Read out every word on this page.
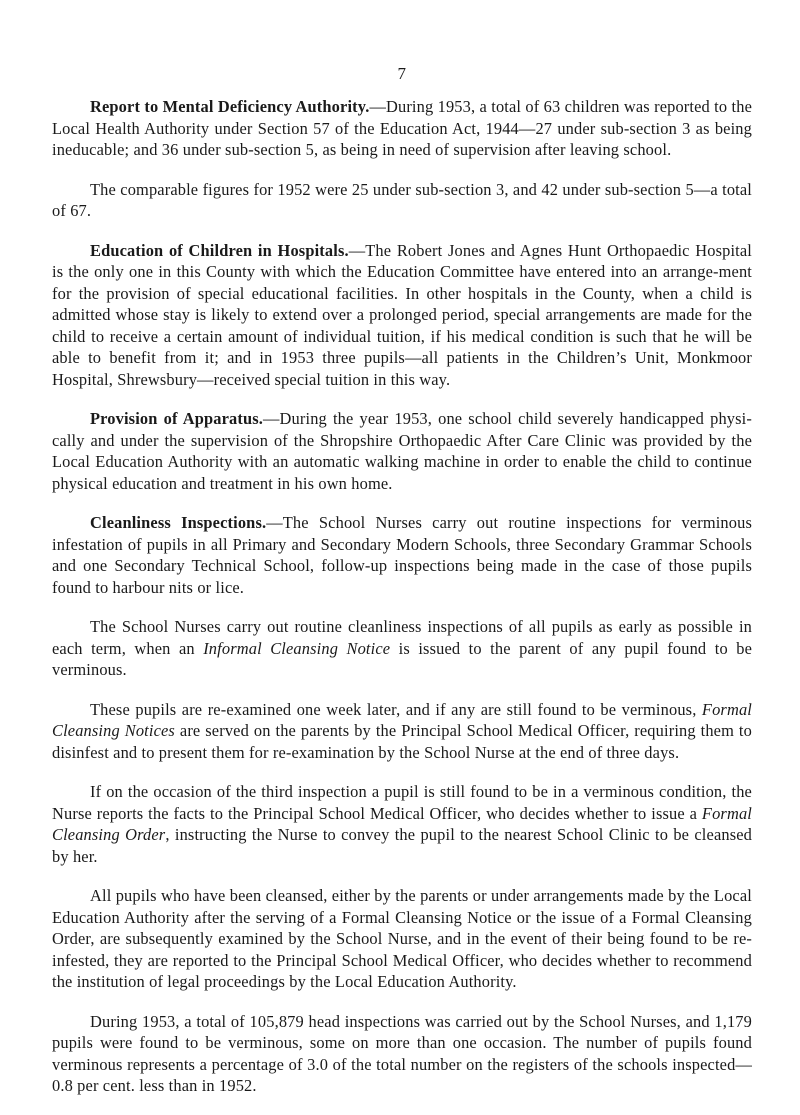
7

Report to Mental Deficiency Authority.—During 1953, a total of 63 children was reported to the Local Health Authority under Section 57 of the Education Act, 1944—27 under sub-section 3 as being ineducable; and 36 under sub-section 5, as being in need of supervision after leaving school.

The comparable figures for 1952 were 25 under sub-section 3, and 42 under sub-section 5—a total of 67.

Education of Children in Hospitals.—The Robert Jones and Agnes Hunt Orthopaedic Hospital is the only one in this County with which the Education Committee have entered into an arrange-ment for the provision of special educational facilities. In other hospitals in the County, when a child is admitted whose stay is likely to extend over a prolonged period, special arrangements are made for the child to receive a certain amount of individual tuition, if his medical condition is such that he will be able to benefit from it; and in 1953 three pupils—all patients in the Children’s Unit, Monkmoor Hospital, Shrewsbury—received special tuition in this way.

Provision of Apparatus.—During the year 1953, one school child severely handicapped physi-cally and under the supervision of the Shropshire Orthopaedic After Care Clinic was provided by the Local Education Authority with an automatic walking machine in order to enable the child to continue physical education and treatment in his own home.

Cleanliness Inspections.—The School Nurses carry out routine inspections for verminous infestation of pupils in all Primary and Secondary Modern Schools, three Secondary Grammar Schools and one Secondary Technical School, follow-up inspections being made in the case of those pupils found to harbour nits or lice.

The School Nurses carry out routine cleanliness inspections of all pupils as early as possible in each term, when an Informal Cleansing Notice is issued to the parent of any pupil found to be verminous.

These pupils are re-examined one week later, and if any are still found to be verminous, Formal Cleansing Notices are served on the parents by the Principal School Medical Officer, requiring them to disinfest and to present them for re-examination by the School Nurse at the end of three days.

If on the occasion of the third inspection a pupil is still found to be in a verminous condition, the Nurse reports the facts to the Principal School Medical Officer, who decides whether to issue a Formal Cleansing Order, instructing the Nurse to convey the pupil to the nearest School Clinic to be cleansed by her.

All pupils who have been cleansed, either by the parents or under arrangements made by the Local Education Authority after the serving of a Formal Cleansing Notice or the issue of a Formal Cleansing Order, are subsequently examined by the School Nurse, and in the event of their being found to be re-infested, they are reported to the Principal School Medical Officer, who decides whether to recommend the institution of legal proceedings by the Local Education Authority.

During 1953, a total of 105,879 head inspections was carried out by the School Nurses, and 1,179 pupils were found to be verminous, some on more than one occasion. The number of pupils found verminous represents a percentage of 3.0 of the total number on the registers of the schools inspected—0.8 per cent. less than in 1952.
